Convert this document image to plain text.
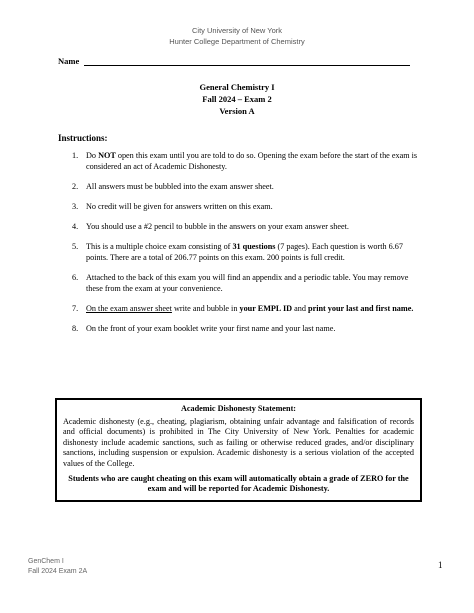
City University of New York
Hunter College Department of Chemistry
Name
General Chemistry I
Fall 2024 – Exam 2
Version A
Instructions:
1. Do NOT open this exam until you are told to do so. Opening the exam before the start of the exam is considered an act of Academic Dishonesty.
2. All answers must be bubbled into the exam answer sheet.
3. No credit will be given for answers written on this exam.
4. You should use a #2 pencil to bubble in the answers on your exam answer sheet.
5. This is a multiple choice exam consisting of 31 questions (7 pages). Each question is worth 6.67 points. There are a total of 206.77 points on this exam. 200 points is full credit.
6. Attached to the back of this exam you will find an appendix and a periodic table. You may remove these from the exam at your convenience.
7. On the exam answer sheet write and bubble in your EMPL ID and print your last and first name.
8. On the front of your exam booklet write your first name and your last name.
Academic Dishonesty Statement:
Academic dishonesty (e.g., cheating, plagiarism, obtaining unfair advantage and falsification of records and official documents) is prohibited in The City University of New York. Penalties for academic dishonesty include academic sanctions, such as failing or otherwise reduced grades, and/or disciplinary sanctions, including suspension or expulsion. Academic dishonesty is a serious violation of the accepted values of the College.
Students who are caught cheating on this exam will automatically obtain a grade of ZERO for the exam and will be reported for Academic Dishonesty.
GenChem I
Fall 2024 Exam 2A
1
